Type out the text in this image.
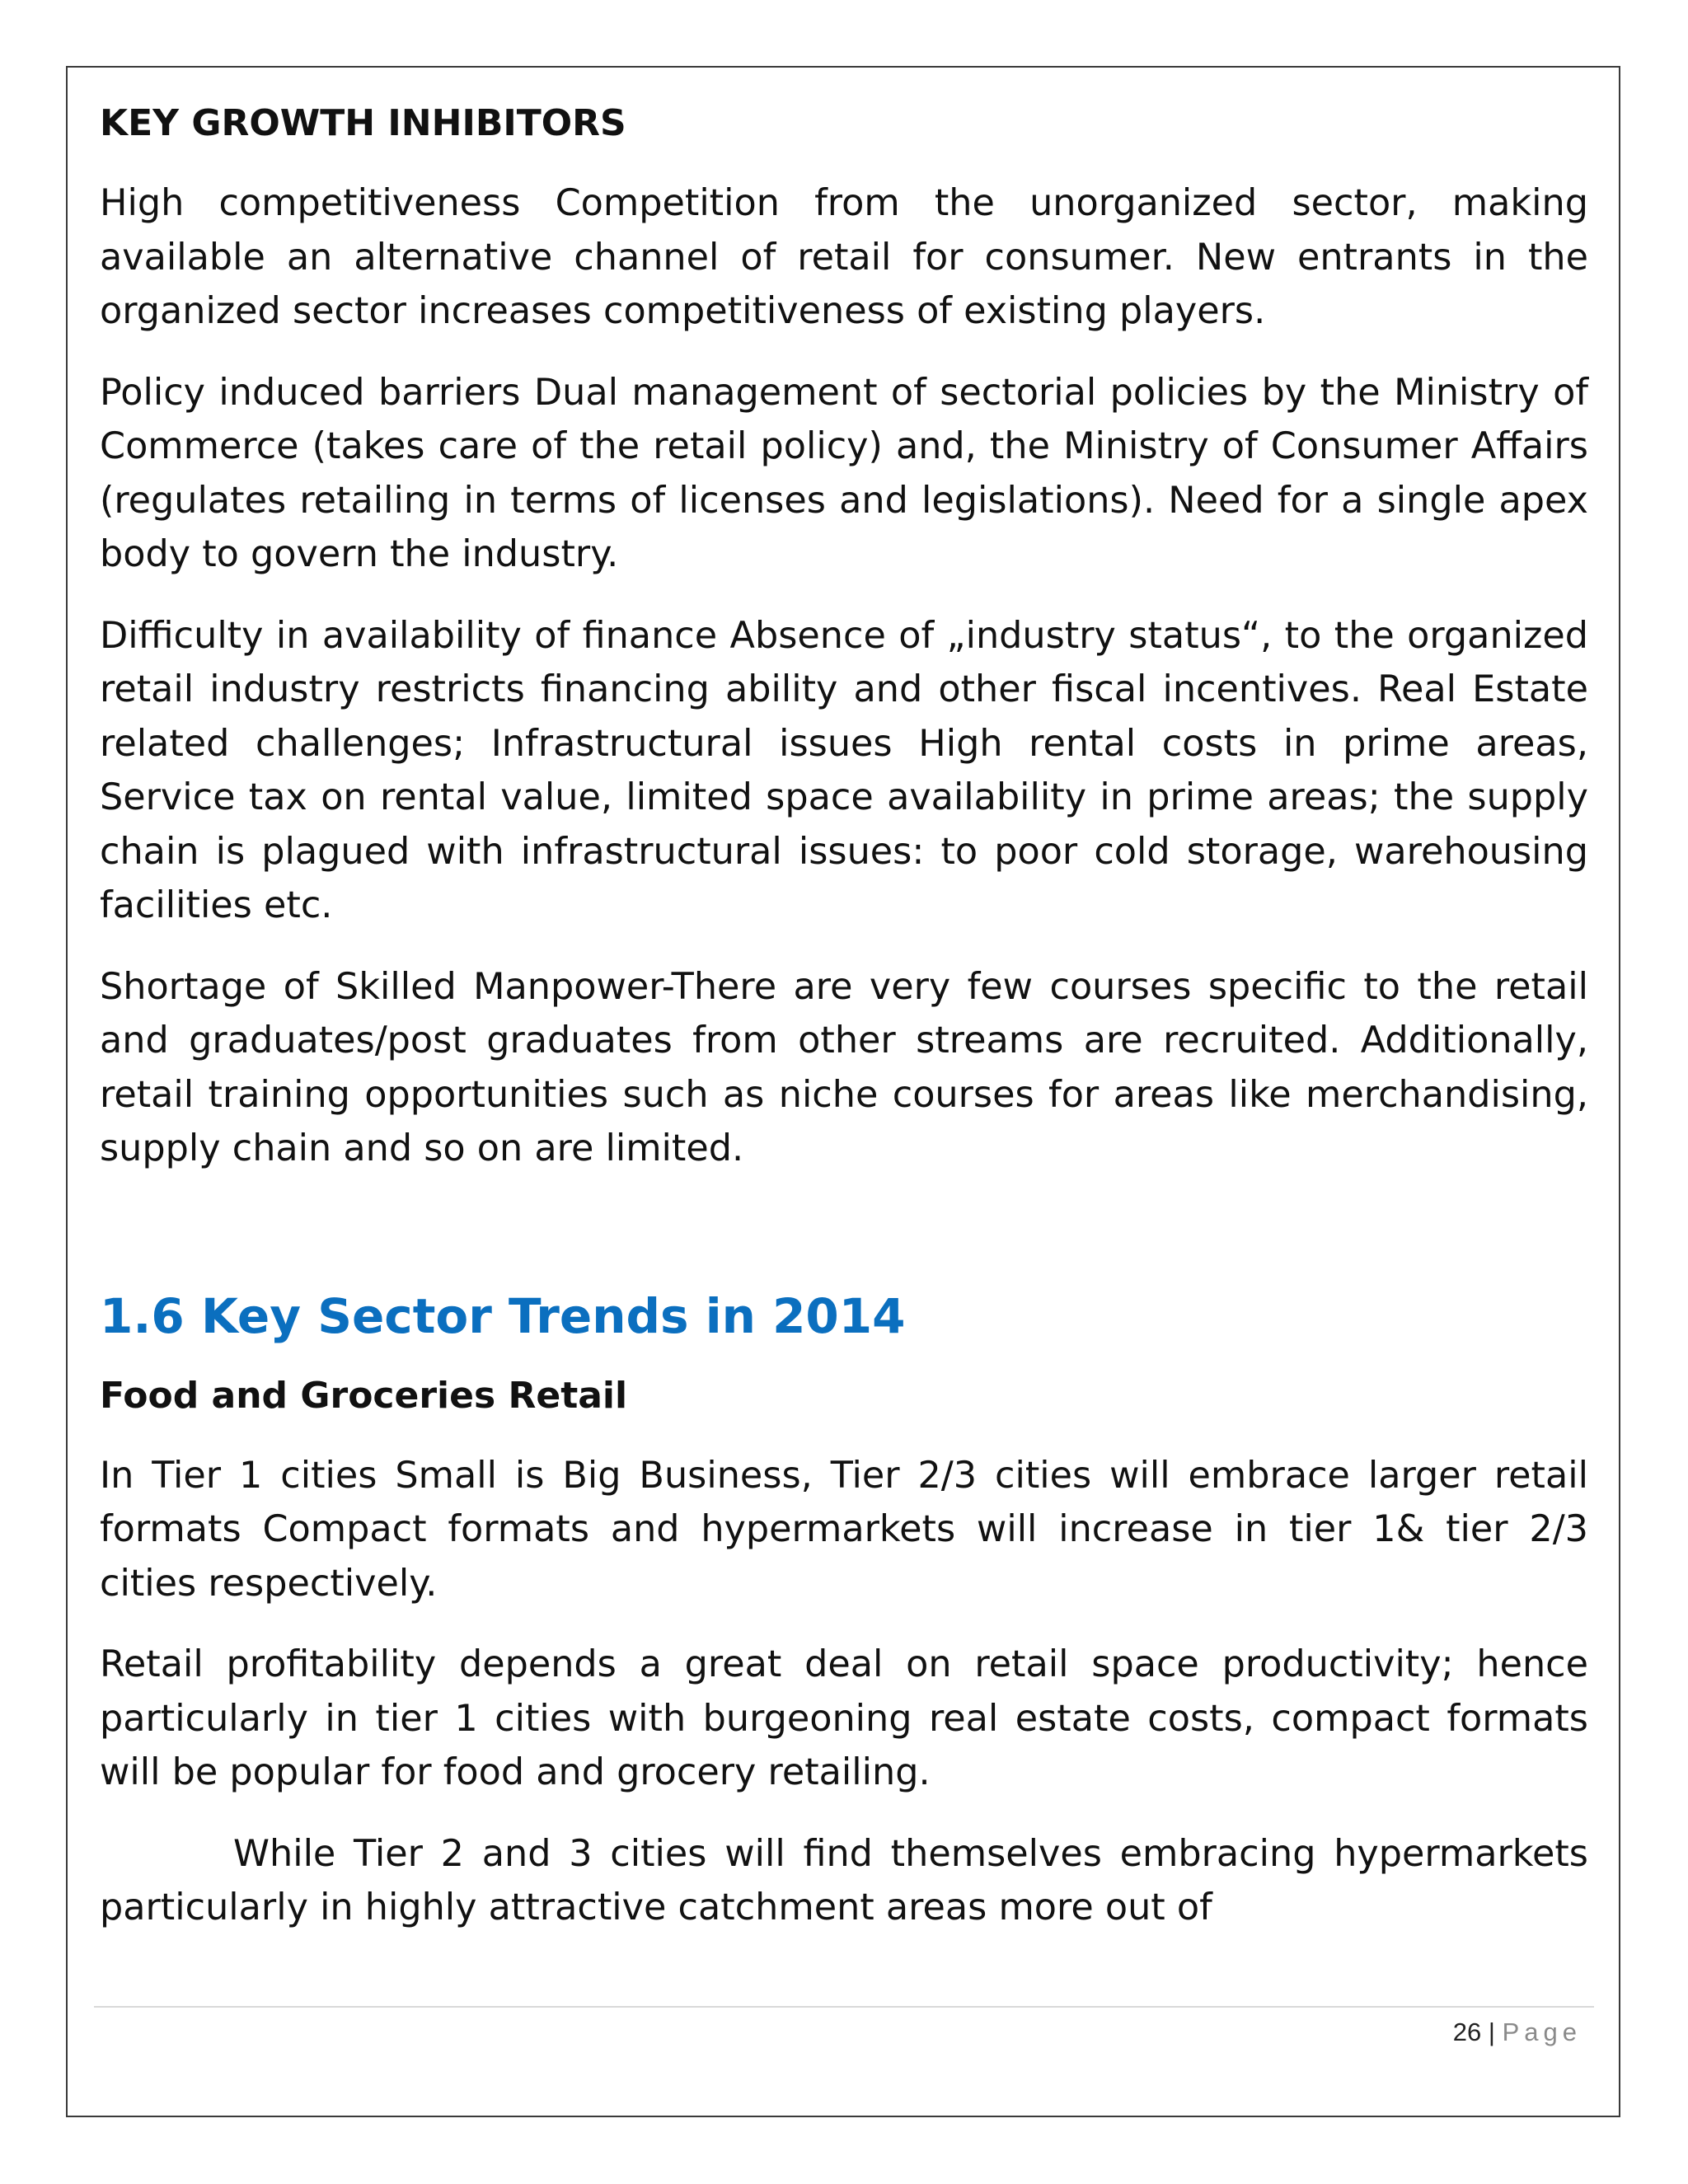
KEY GROWTH INHIBITORS

High competitiveness Competition from the unorganized sector, making available an alternative channel of retail for consumer. New entrants in the organized sector increases competitiveness of existing players.

Policy induced barriers Dual management of sectorial policies by the Ministry of Commerce (takes care of the retail policy) and, the Ministry of Consumer Affairs (regulates retailing in terms of licenses and legislations). Need for a single apex body to govern the industry.

Difficulty in availability of finance Absence of „industry status“, to the organized retail industry restricts financing ability and other fiscal incentives. Real Estate related challenges; Infrastructural issues High rental costs in prime areas, Service tax on rental value, limited space availability in prime areas; the supply chain is plagued with infrastructural issues: to poor cold storage, warehousing facilities etc.

Shortage of Skilled Manpower-There are very few courses specific to the retail and graduates/post graduates from other streams are recruited. Additionally, retail training opportunities such as niche courses for areas like merchandising, supply chain and so on are limited.

1.6 Key Sector Trends in 2014
Food and Groceries Retail

In Tier 1 cities Small is Big Business, Tier 2/3 cities will embrace larger retail formats Compact formats and hypermarkets will increase in tier 1& tier 2/3 cities respectively.

Retail profitability depends a great deal on retail space productivity; hence particularly in tier 1 cities with burgeoning real estate costs, compact formats will be popular for food and grocery retailing.

While Tier 2 and 3 cities will find themselves embracing hypermarkets particularly in highly attractive catchment areas more out of

26 | Page
